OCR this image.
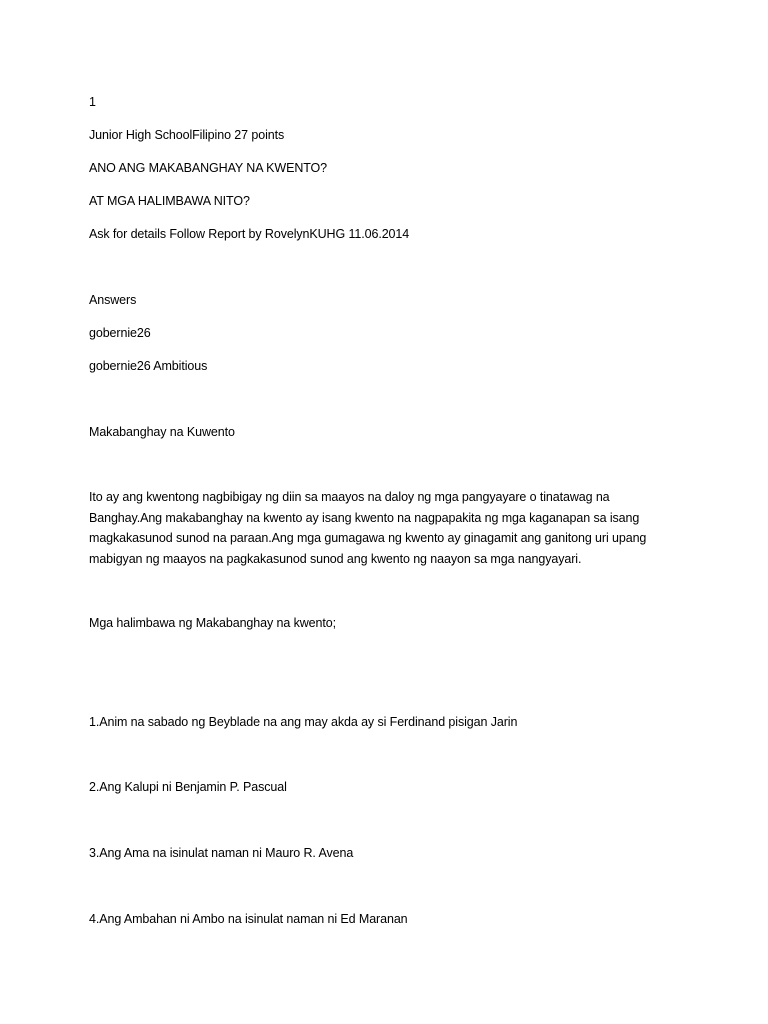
1
Junior High SchoolFilipino 27 points
ANO ANG MAKABANGHAY NA KWENTO?
AT MGA HALIMBAWA NITO?
Ask for details Follow Report by RovelynKUHG 11.06.2014
Answers
gobernie26
gobernie26 Ambitious
Makabanghay na Kuwento
Ito ay ang kwentong nagbibigay ng diin sa maayos na daloy ng mga pangyayare o tinatawag na Banghay.Ang makabanghay na kwento ay isang kwento na nagpapakita ng mga kaganapan sa isang magkakasunod sunod na paraan.Ang mga gumagawa ng kwento ay ginagamit ang ganitong uri upang mabigyan ng maayos na pagkakasunod sunod ang kwento ng naayon sa mga nangyayari.
Mga halimbawa ng Makabanghay na kwento;
1.Anim na sabado ng Beyblade na ang may akda ay si Ferdinand pisigan Jarin
2.Ang Kalupi ni Benjamin P. Pascual
3.Ang Ama na isinulat naman ni Mauro R. Avena
4.Ang Ambahan ni Ambo na isinulat naman ni Ed Maranan
